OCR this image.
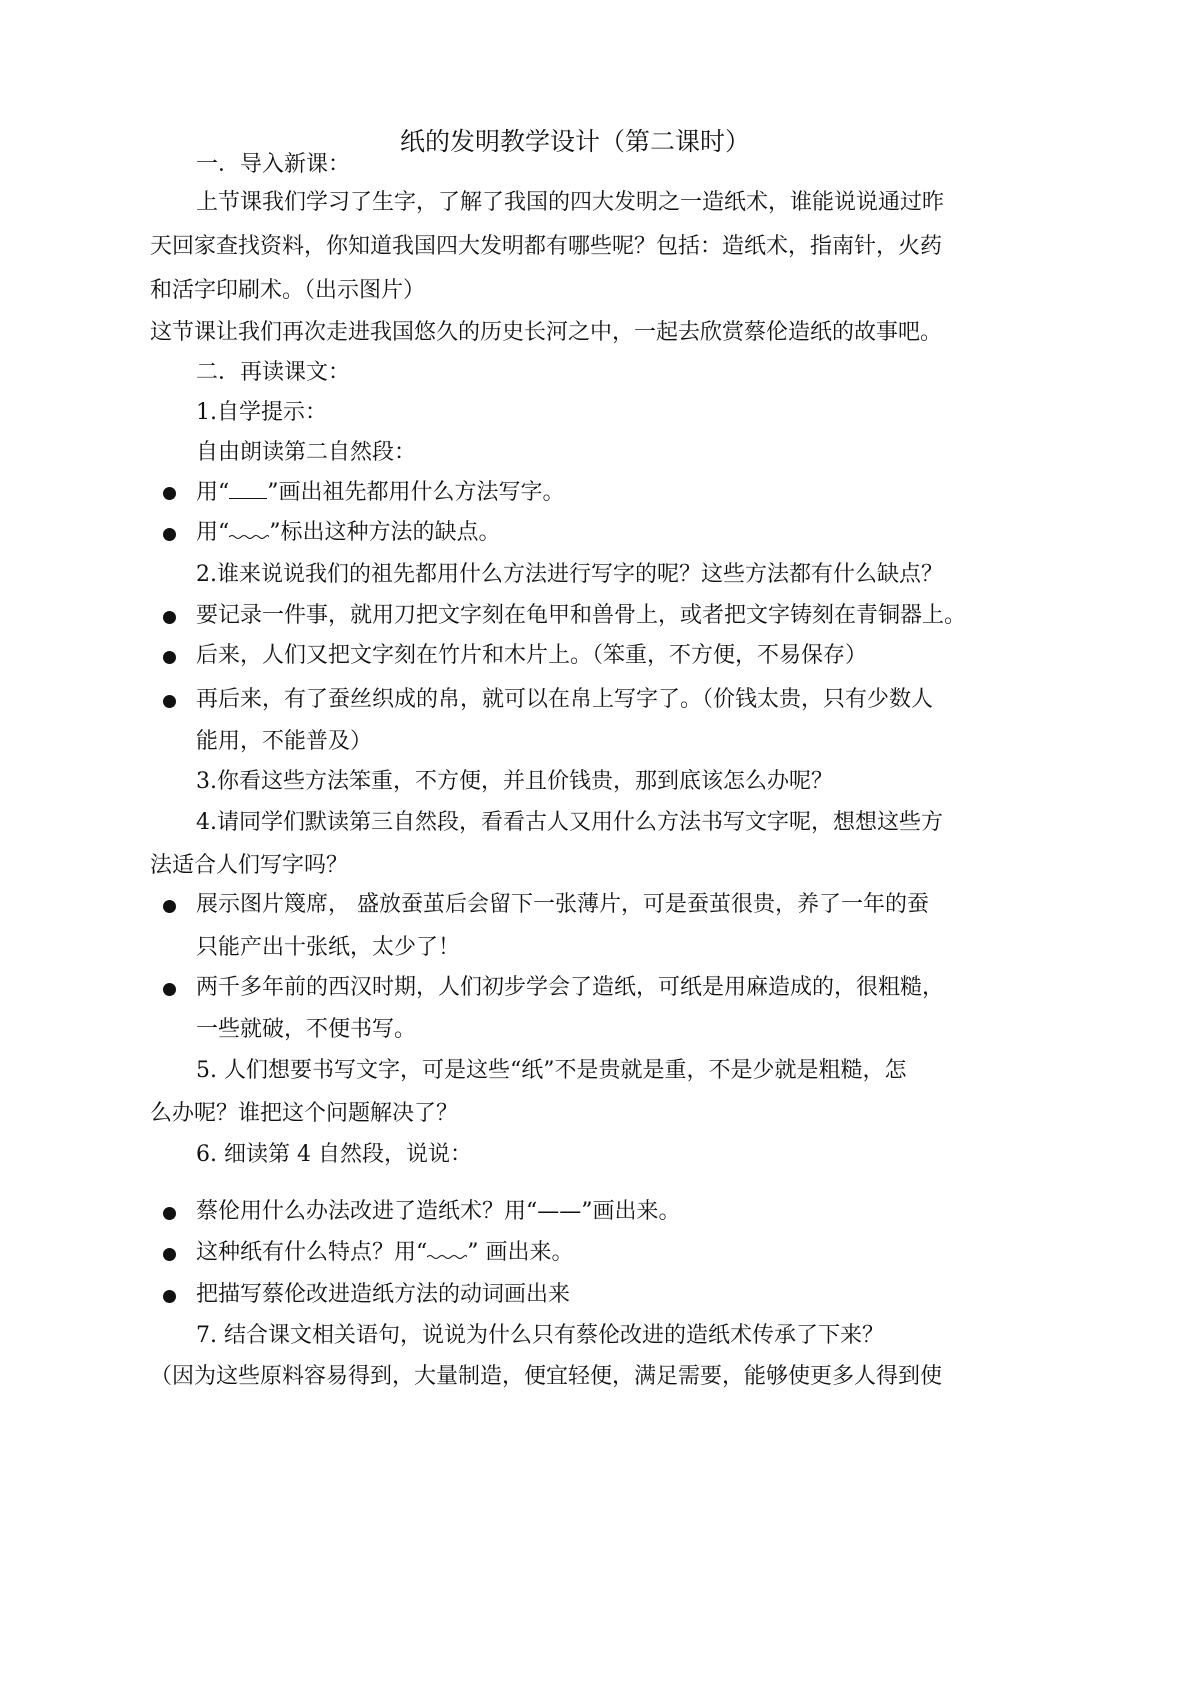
纸的发明教学设计（第二课时）
一．导入新课：
上节课我们学习了生字，了解了我国的四大发明之一造纸术，谁能说说通过昨
天回家查找资料，你知道我国四大发明都有哪些呢？包括：造纸术，指南针，火药
和活字印刷术。（出示图片）
这节课让我们再次走进我国悠久的历史长河之中，一起去欣赏蔡伦造纸的故事吧。
二．再读课文：
1.自学提示：
自由朗读第二自然段：
用“ ”画出祖先都用什么方法写字。
用“ ”标出这种方法的缺点。
2.谁来说说我们的祖先都用什么方法进行写字的呢？这些方法都有什么缺点？
要记录一件事，就用刀把文字刻在龟甲和兽骨上，或者把文字铸刻在青铜器上。
后来，人们又把文字刻在竹片和木片上。（笨重，不方便，不易保存）
再后来，有了蚕丝织成的帛，就可以在帛上写字了。（价钱太贵，只有少数人
能用，不能普及）
3.你看这些方法笨重，不方便，并且价钱贵，那到底该怎么办呢？
4.请同学们默读第三自然段，看看古人又用什么方法书写文字呢，想想这些方
法适合人们写字吗？
展示图片篾席， 盛放蚕茧后会留下一张薄片，可是蚕茧很贵，养了一年的蚕
只能产出十张纸，太少了！
两千多年前的西汉时期，人们初步学会了造纸，可纸是用麻造成的，很粗糙，
一些就破，不便书写。
5. 人们想要书写文字，可是这些“纸”不是贵就是重，不是少就是粗糙，怎
么办呢？谁把这个问题解决了？
6. 细读第 4 自然段，说说：
蔡伦用什么办法改进了造纸术？用“——”画出来。
这种纸有什么特点？用“ ” 画出来。
把描写蔡伦改进造纸方法的动词画出来
7. 结合课文相关语句，说说为什么只有蔡伦改进的造纸术传承了下来？
（因为这些原料容易得到，大量制造，便宜轻便，满足需要，能够使更多人得到使
